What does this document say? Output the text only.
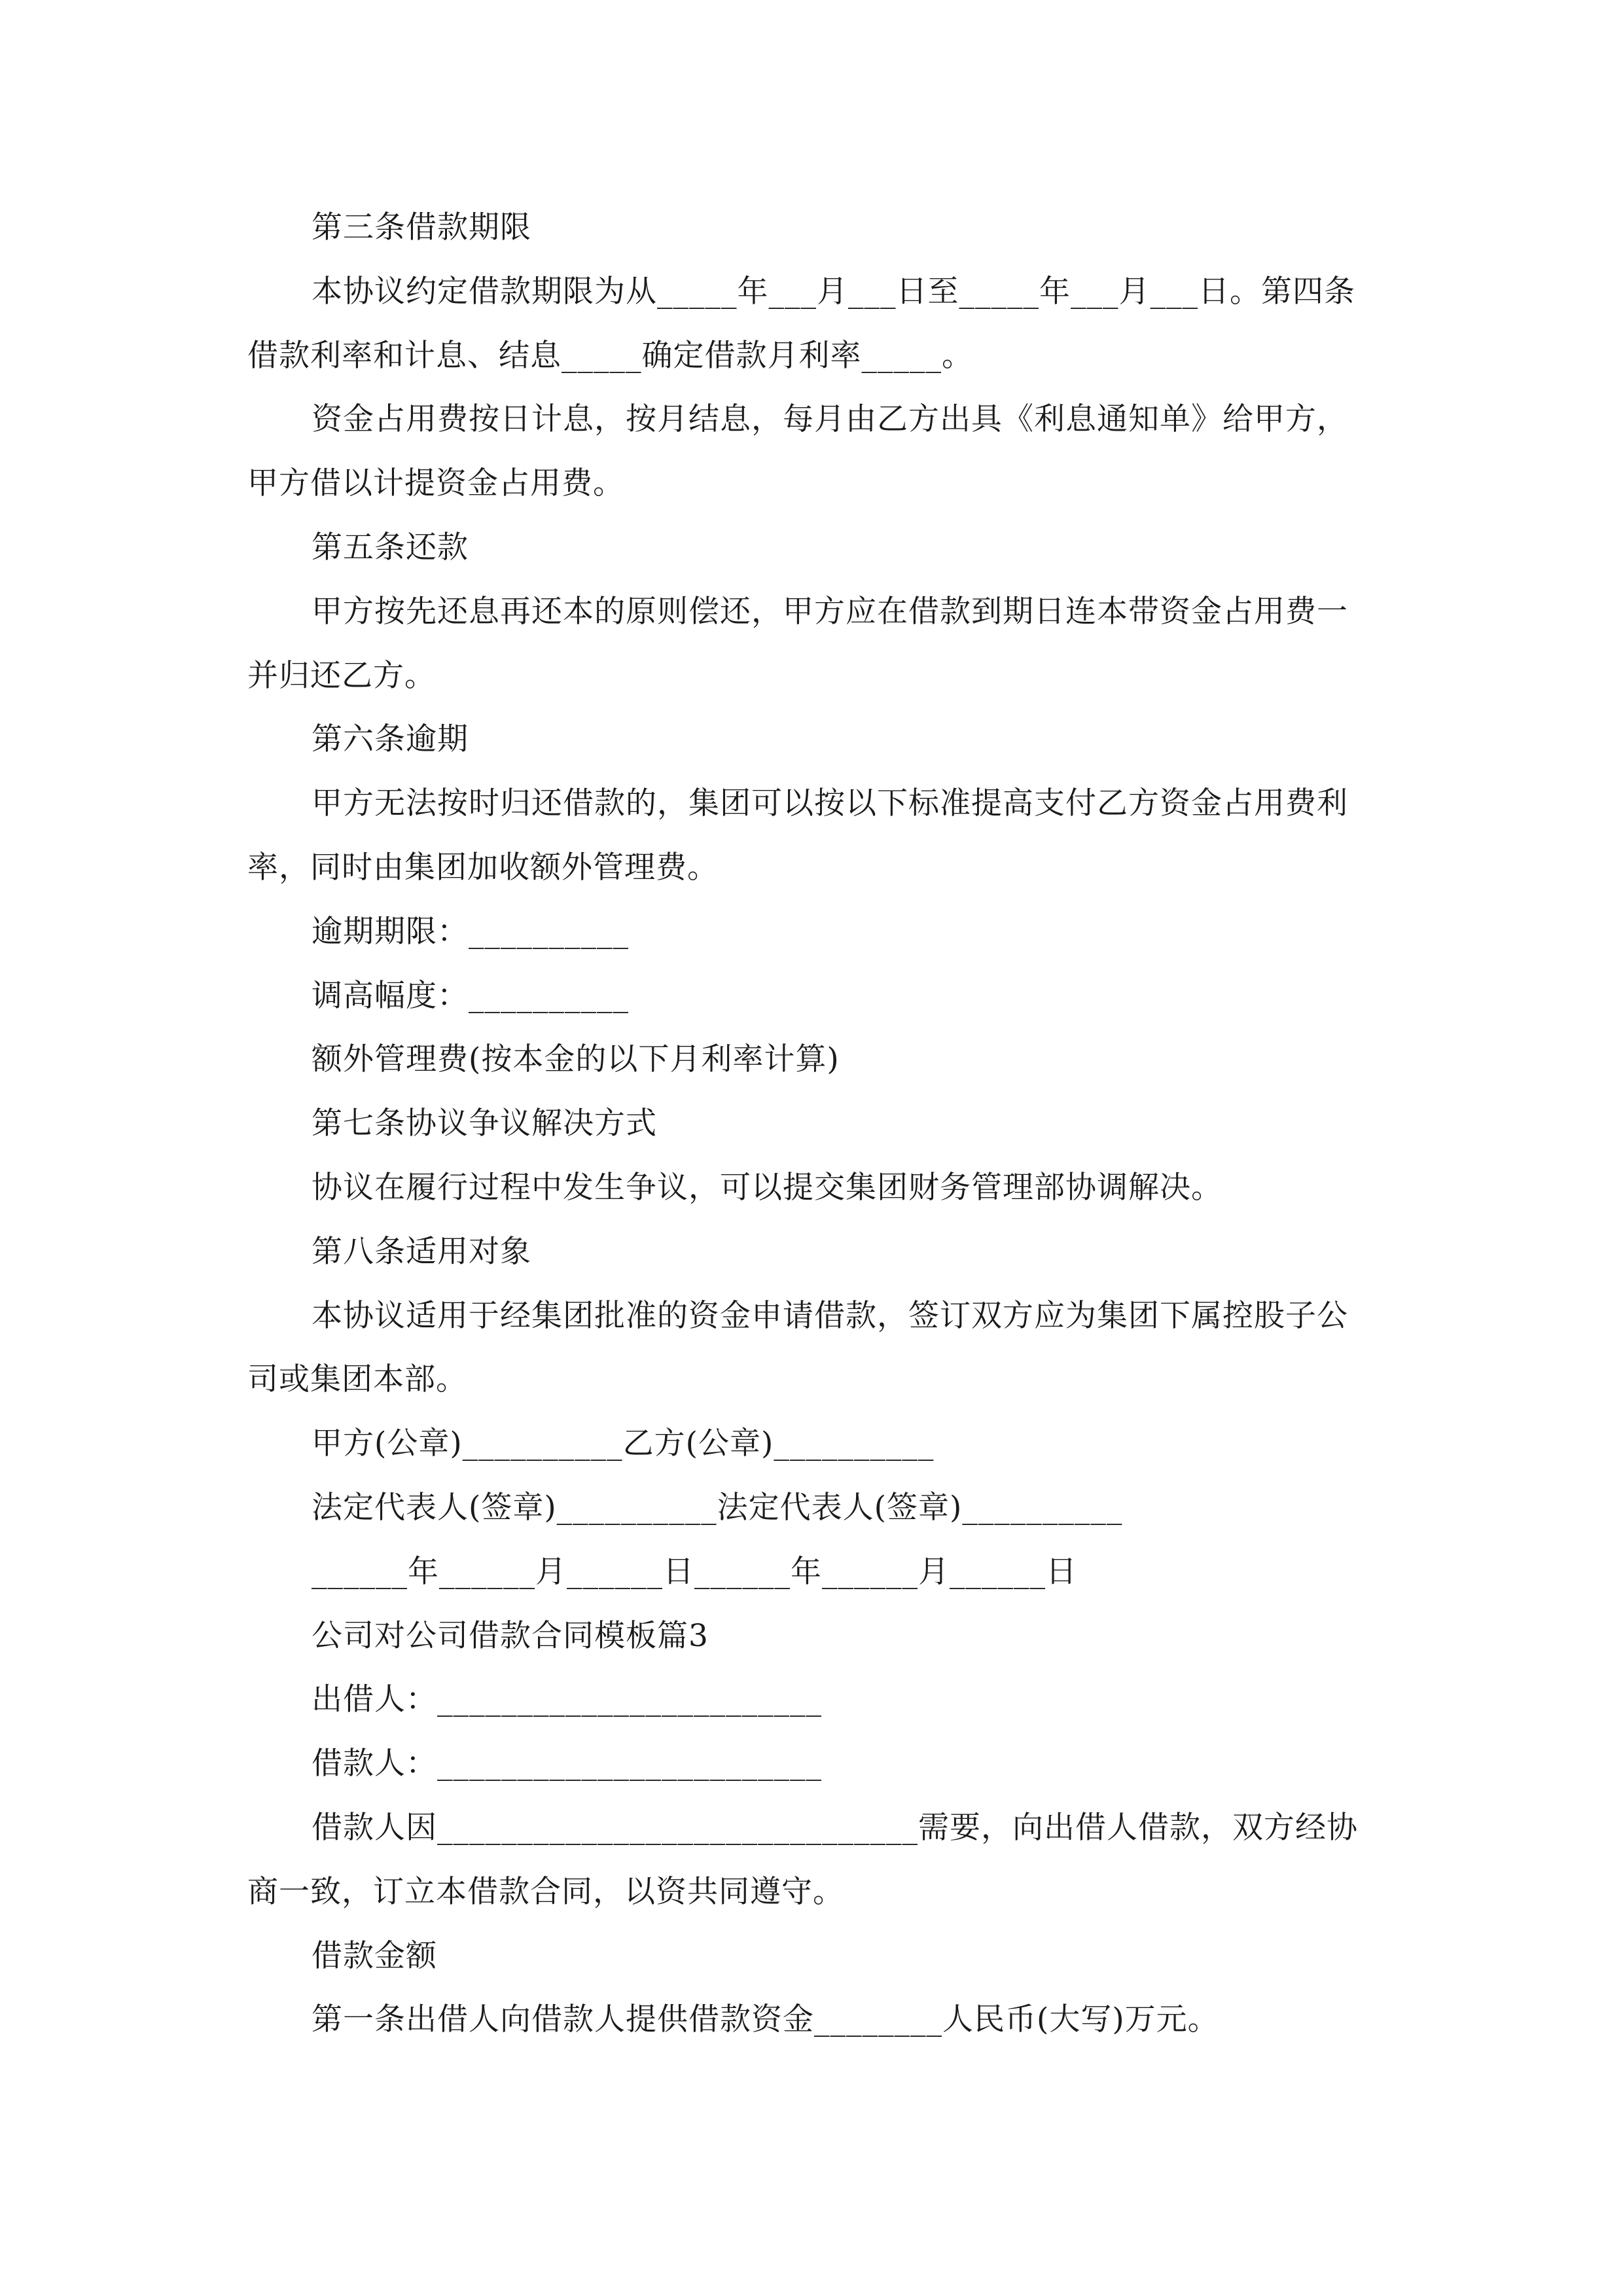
第三条借款期限
本协议约定借款期限为从_____年___月___日至_____年___月___日。第四条
借款利率和计息、结息_____确定借款月利率_____。
资金占用费按日计息，按月结息，每月由乙方出具《利息通知单》给甲方，
甲方借以计提资金占用费。
第五条还款
甲方按先还息再还本的原则偿还，甲方应在借款到期日连本带资金占用费一
并归还乙方。
第六条逾期
甲方无法按时归还借款的，集团可以按以下标准提高支付乙方资金占用费利
率，同时由集团加收额外管理费。
逾期期限：__________
调高幅度：__________
额外管理费(按本金的以下月利率计算)
第七条协议争议解决方式
协议在履行过程中发生争议，可以提交集团财务管理部协调解决。
第八条适用对象
本协议适用于经集团批准的资金申请借款，签订双方应为集团下属控股子公
司或集团本部。
甲方(公章)__________乙方(公章)__________
法定代表人(签章)__________法定代表人(签章)__________
______年______月______日______年______月______日
公司对公司借款合同模板篇3
出借人：________________________
借款人：________________________
借款人因______________________________需要，向出借人借款，双方经协
商一致，订立本借款合同，以资共同遵守。
借款金额
第一条出借人向借款人提供借款资金________人民币(大写)万元。
